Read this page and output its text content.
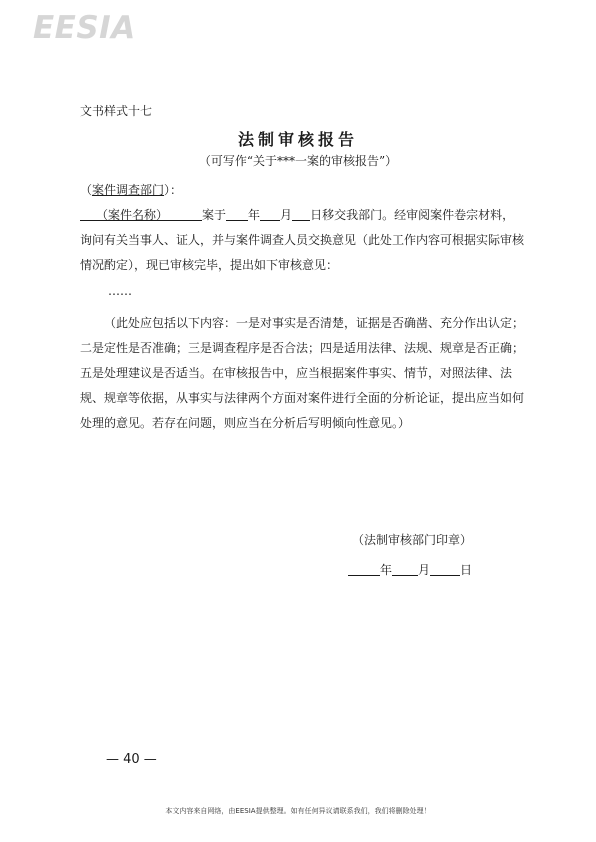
EESIA
文书样式十七
法制审核报告
（可写作“关于***一案的审核报告”）
（案件调查部门）：

（案件名称）	案于 年 月 日移交我部门。经审阅案件卷宗材料，询问有关当事人、证人，并与案件调查人员交换意见（此处工作内容可根据实际审核情况酌定），现已审核完毕，提出如下审核意见：

……

（此处应包括以下内容：一是对事实是否清楚，证据是否确凿、充分作出认定；二是定性是否准确；三是调查程序是否合法；四是适用法律、法规、规章是否正确；五是处理建议是否适当。在审核报告中，应当根据案件事实、情节，对照法律、法规、规章等依据，从事实与法律两个方面对案件进行全面的分析论证，提出应当如何处理的意见。若存在问题，则应当在分析后写明倾向性意见。）

（法制审核部门印章）
年 月	日
— 40 —
本文内容来自网络，由EESIA提供整理。如有任何异议请联系我们，我们将删除处理！
